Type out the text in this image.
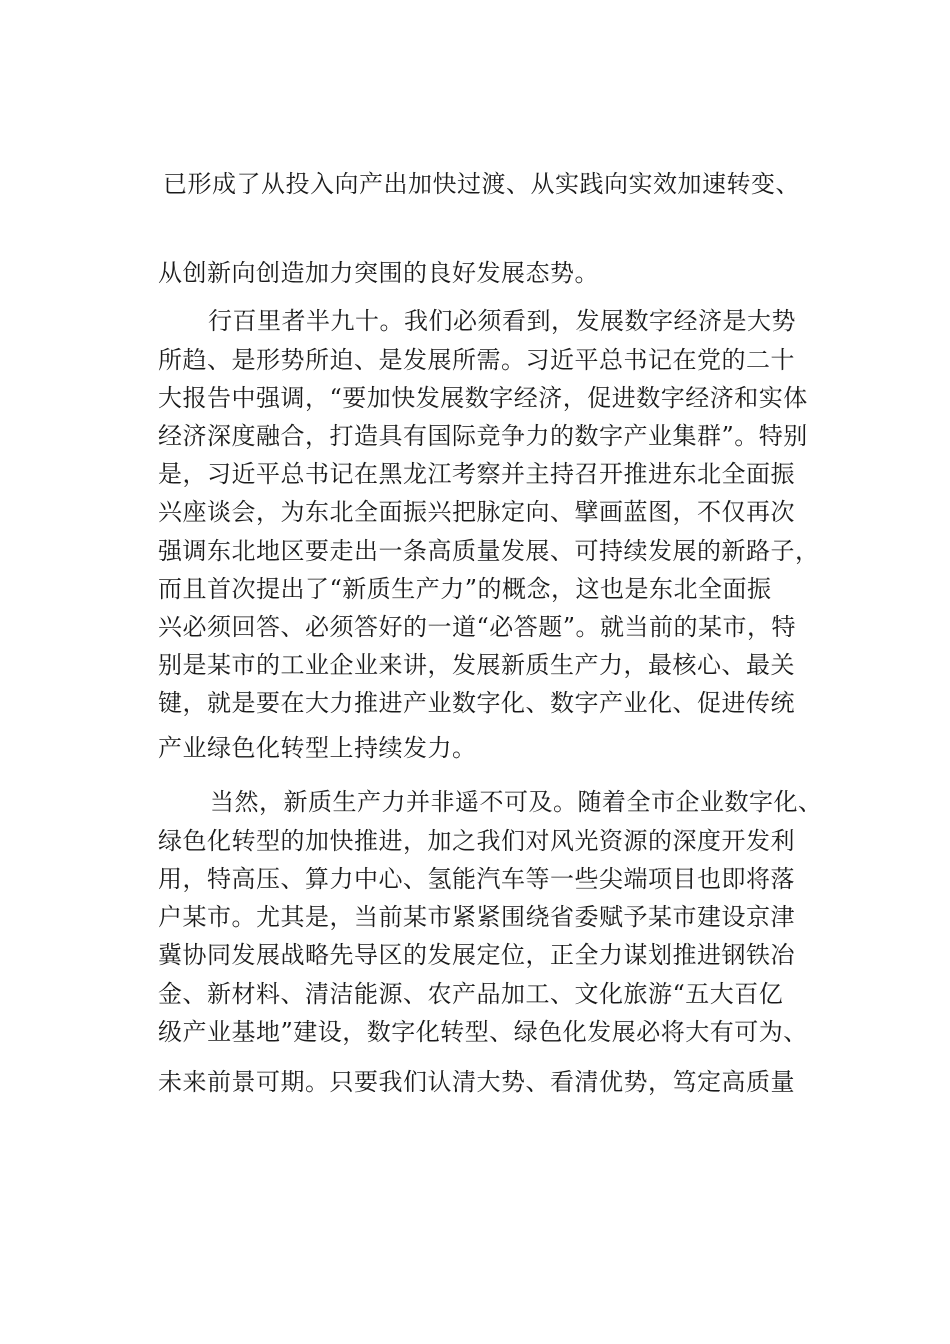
已形成了从投入向产出加快过渡、从实践向实效加速转变、
从创新向创造加力突围的良好发展态势。
行百里者半九十。我们必须看到，发展数字经济是大势
所趋、是形势所迫、是发展所需。习近平总书记在党的二十
大报告中强调，“要加快发展数字经济，促进数字经济和实体
经济深度融合，打造具有国际竞争力的数字产业集群”。特别
是，习近平总书记在黑龙江考察并主持召开推进东北全面振
兴座谈会，为东北全面振兴把脉定向、擘画蓝图，不仅再次
强调东北地区要走出一条高质量发展、可持续发展的新路子，
而且首次提出了“新质生产力”的概念，这也是东北全面振
兴必须回答、必须答好的一道“必答题”。就当前的某市，特
别是某市的工业企业来讲，发展新质生产力，最核心、最关
键，就是要在大力推进产业数字化、数字产业化、促进传统
产业绿色化转型上持续发力。
当然，新质生产力并非遥不可及。随着全市企业数字化、
绿色化转型的加快推进，加之我们对风光资源的深度开发利
用，特高压、算力中心、氢能汽车等一些尖端项目也即将落
户某市。尤其是，当前某市紧紧围绕省委赋予某市建设京津
冀协同发展战略先导区的发展定位，正全力谋划推进钢铁冶
金、新材料、清洁能源、农产品加工、文化旅游“五大百亿
级产业基地”建设，数字化转型、绿色化发展必将大有可为、
未来前景可期。只要我们认清大势、看清优势，笃定高质量
